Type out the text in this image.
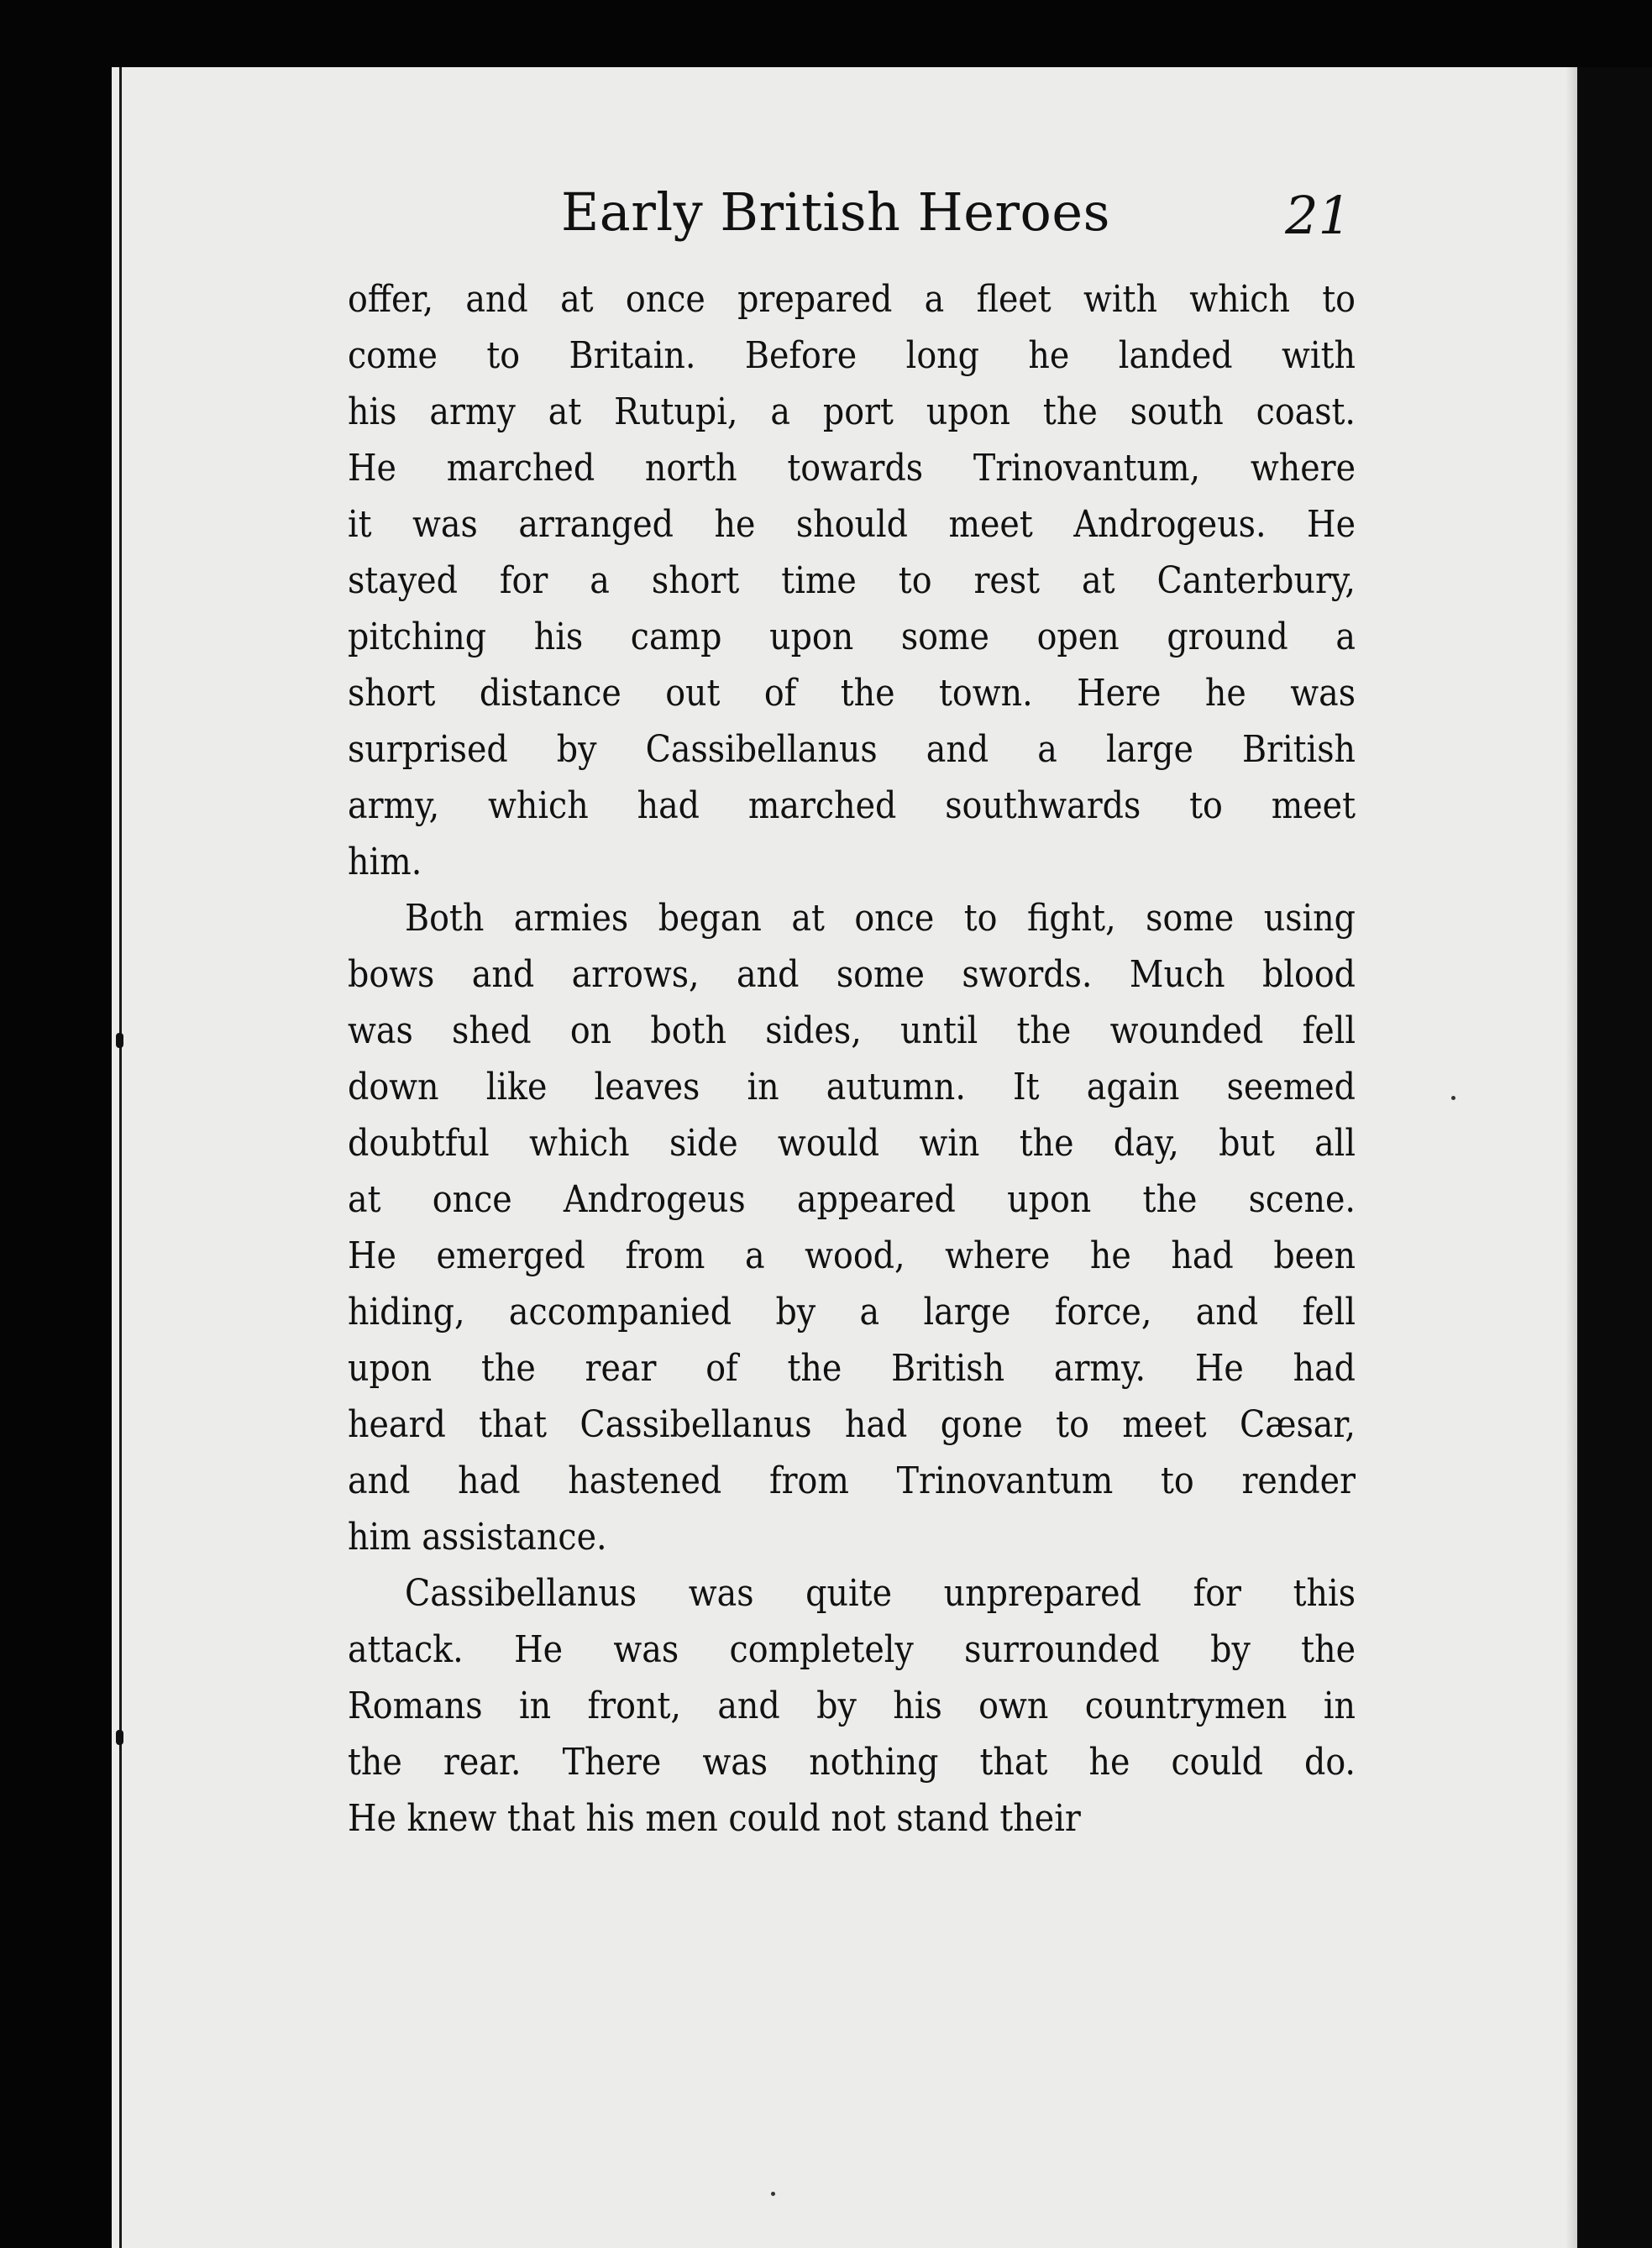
Early British Heroes	21
offer, and at once prepared a fleet with which to
come to Britain. Before long he landed with
his army at Rutupi, a port upon the south coast.
He marched north towards Trinovantum, where
it was arranged he should meet Androgeus. He
stayed for a short time to rest at Canterbury,
pitching his camp upon some open ground a
short distance out of the town. Here he was
surprised by Cassibellanus and a large British
army, which had marched southwards to meet
him.
Both armies began at once to fight, some using
bows and arrows, and some swords. Much blood
was shed on both sides, until the wounded fell
down like leaves in autumn. It again seemed
doubtful which side would win the day, but all
at once Androgeus appeared upon the scene.
He emerged from a wood, where he had been
hiding, accompanied by a large force, and fell
upon the rear of the British army. He had
heard that Cassibellanus had gone to meet Cæsar,
and had hastened from Trinovantum to render
him assistance.
Cassibellanus was quite unprepared for this
attack. He was completely surrounded by the
Romans in front, and by his own countrymen in
the rear. There was nothing that he could do.
He knew that his men could not stand their
